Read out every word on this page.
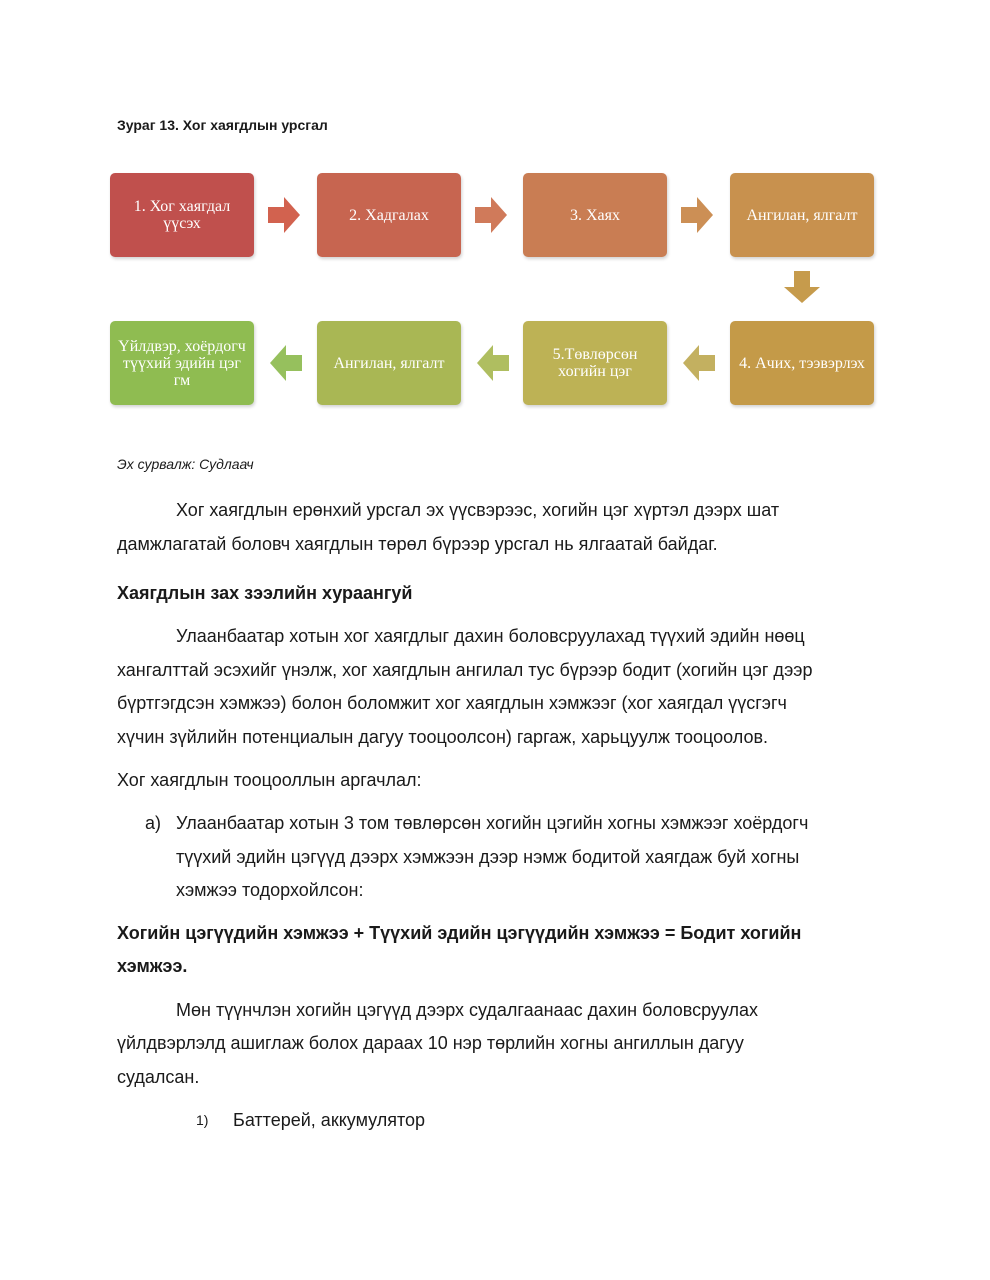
Зураг 13. Хог хаягдлын урсгал
1. Хог хаягдал үүсэх	2. Хадгалах	3. Хаях	Ангилан, ялгалт
4. Ачих, тээвэрлэх
5.Төвлөрсөн хогийн цэг
Ангилан, ялгалт
Үйлдвэр, хоёрдогч түүхий эдийн цэг гм
Эх сурвалж: Судлаач
Хог хаягдлын ерөнхий урсгал эх үүсвэрээс, хогийн цэг хүртэл дээрх шат
дамжлагатай боловч хаягдлын төрөл бүрээр урсгал нь ялгаатай байдаг.
Хаягдлын зах зээлийн хураангуй
Улаанбаатар хотын хог хаягдлыг дахин боловсруулахад түүхий эдийн нөөц
хангалттай эсэхийг үнэлж, хог хаягдлын ангилал тус бүрээр бодит (хогийн цэг дээр
бүртгэгдсэн хэмжээ) болон боломжит хог хаягдлын хэмжээг (хог хаягдал үүсгэгч
хүчин зүйлийн потенциалын дагуу тооцоолсон) гаргаж, харьцуулж тооцоолов.
Хог хаягдлын тооцооллын аргачлал:
a) Улаанбаатар хотын 3 том төвлөрсөн хогийн цэгийн хогны хэмжээг хоёрдогч
түүхий эдийн цэгүүд дээрх хэмжээн дээр нэмж бодитой хаягдаж буй хогны
хэмжээ тодорхойлсон:
Хогийн цэгүүдийн хэмжээ + Түүхий эдийн цэгүүдийн хэмжээ = Бодит хогийн
хэмжээ.
Мөн түүнчлэн хогийн цэгүүд дээрх судалгаанаас дахин боловсруулах
үйлдвэрлэлд ашиглаж болох дараах 10 нэр төрлийн хогны ангиллын дагуу
судалсан.
1) Баттерей, аккумулятор
